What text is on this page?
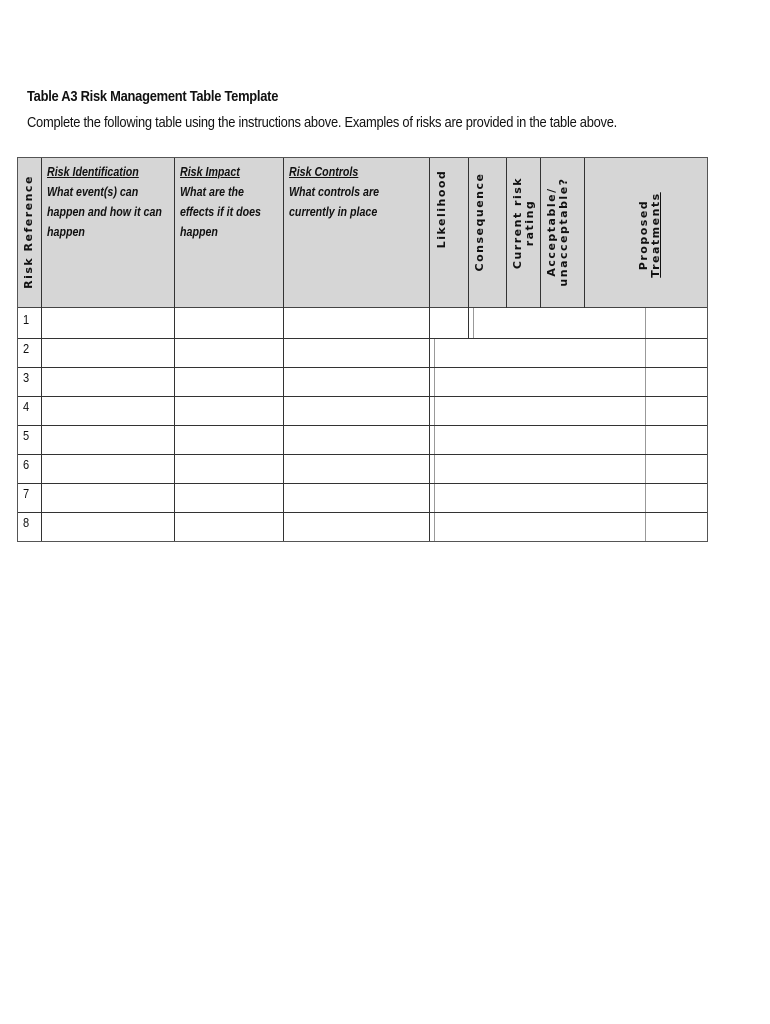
Table A3 Risk Management Table Template
Complete the following table using the instructions above. Examples of risks are provided in the table above.
Risk Reference
Risk Identification
What event(s) can happen and how it can happen
Risk Impact
What are the effects if it does happen
Risk Controls
What controls are currently in place	Likelihood Consequence Current risk rating Acceptable/ unacceptable?	Proposed Treatments
1
2
3
4
5
6
7
8
